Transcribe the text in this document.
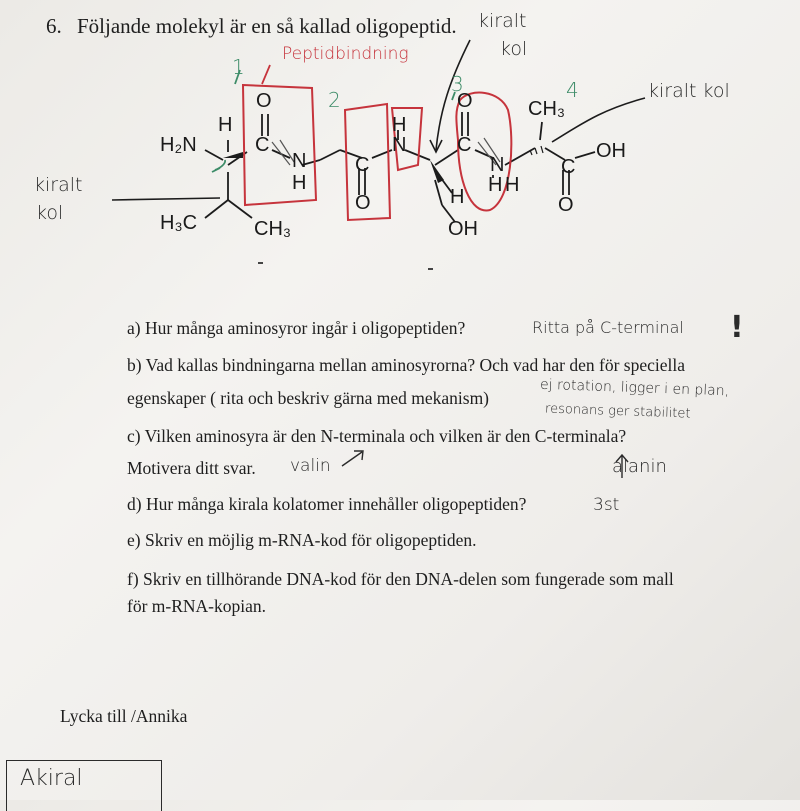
6. Följande molekyl är en så kallad oligopeptid.
H₂N
H
O
C
N
H
C
O
H
N
O
C
N
H H
H
CH₃
C
OH
O
H₃C	CH₃	OH
Peptidbindning
1
2
3	4
kiralt
kol
kiralt kol
kiralt
kol
a) Hur många aminosyror ingår i oligopeptiden?	Ritta på C-terminal !
b) Vad kallas bindningarna mellan aminosyrorna? Och vad har den för speciella
egenskaper ( rita och beskriv gärna med mekanism)	ej rotation, ligger i en plan,
resonans ger stabilitet
c) Vilken aminosyra är den N-terminala och vilken är den C-terminala?
Motivera ditt svar. valin	alanin
d) Hur många kirala kolatomer innehåller oligopeptiden?	3st
e) Skriv en möjlig m-RNA-kod för oligopeptiden.
f) Skriv en tillhörande DNA-kod för den DNA-delen som fungerade som mall
för m-RNA-kopian.
Lycka till /Annika
Akiral
